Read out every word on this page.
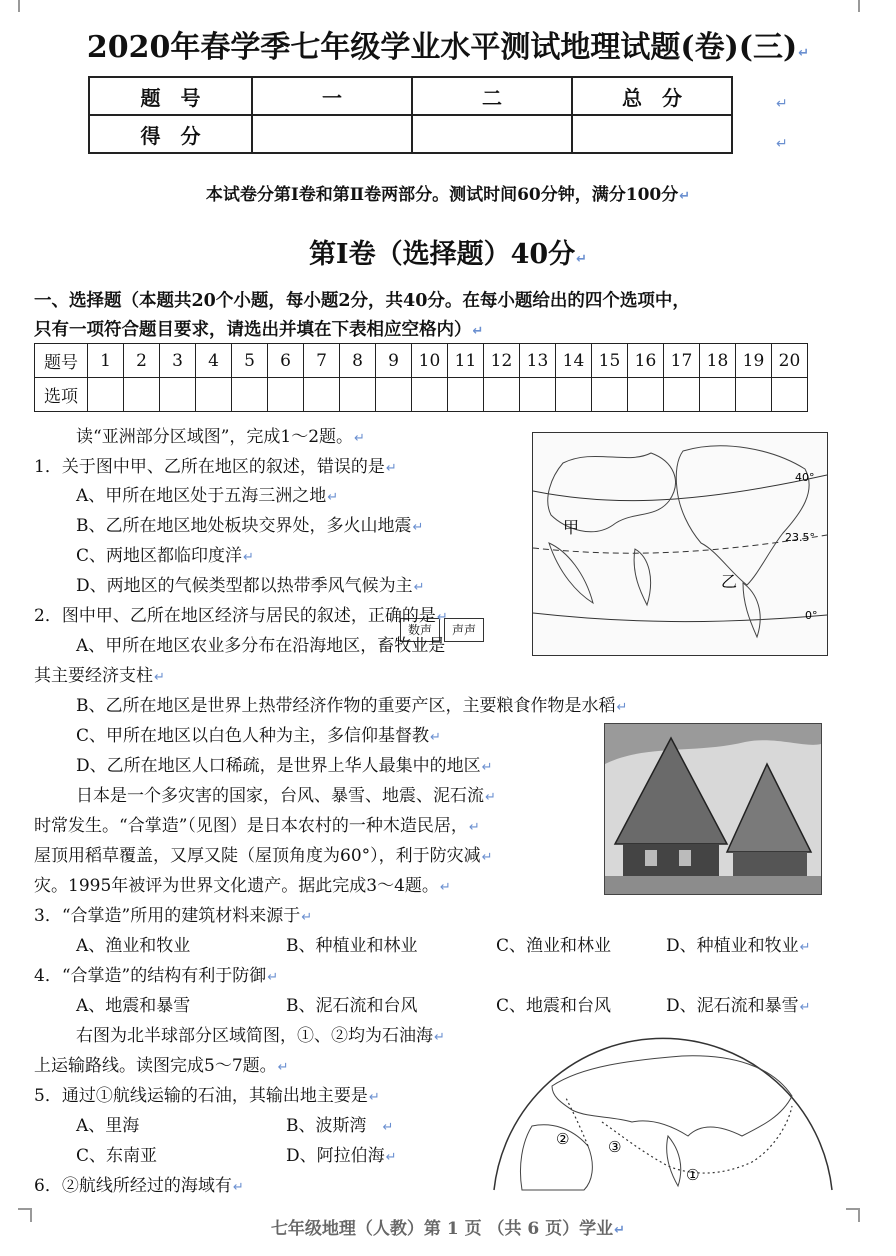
2020年春学季七年级学业水平测试地理试题(卷)(三)↵
题　号	一	二	总　分
得　分			
↵
↵
本试卷分第Ⅰ卷和第Ⅱ卷两部分。测试时间60分钟，满分100分↵
第Ⅰ卷（选择题）40分↵
一、选择题（本题共20个小题，每小题2分，共40分。在每小题给出的四个选项中，
只有一项符合题目要求，请选出并填在下表相应空格内）↵
题号	1	2	3	4	5	6	7	8	9	10	11	12	13	14	15	16	17	18	19	20
选项																				
甲
乙
40°
23.5°
0°
数声	声声
②	③
①
读“亚洲部分区域图”，完成1～2题。↵
1．关于图中甲、乙所在地区的叙述，错误的是↵
A、甲所在地区处于五海三洲之地↵
B、乙所在地区地处板块交界处，多火山地震↵
C、两地区都临印度洋↵
D、两地区的气候类型都以热带季风气候为主↵
2．图中甲、乙所在地区经济与居民的叙述，正确的是↵
A、甲所在地区农业多分布在沿海地区，畜牧业是
其主要经济支柱↵
B、乙所在地区是世界上热带经济作物的重要产区，主要粮食作物是水稻↵
C、甲所在地区以白色人种为主，多信仰基督教↵
D、乙所在地区人口稀疏，是世界上华人最集中的地区↵
日本是一个多灾害的国家，台风、暴雪、地震、泥石流↵
时常发生。“合掌造”（见图）是日本农村的一种木造民居，↵
屋顶用稻草覆盖，又厚又陡（屋顶角度为60°），利于防灾减↵
灾。1995年被评为世界文化遗产。据此完成3～4题。↵
3．“合掌造”所用的建筑材料来源于↵
A、渔业和牧业	B、种植业和林业	C、渔业和林业	D、种植业和牧业↵
4．“合掌造”的结构有利于防御↵
A、地震和暴雪	B、泥石流和台风	C、地震和台风	D、泥石流和暴雪↵
右图为北半球部分区域简图，①、②均为石油海↵
上运输路线。读图完成5～7题。↵
5．通过①航线运输的石油，其输出地主要是↵
A、里海	B、波斯湾 ↵
C、东南亚	D、阿拉伯海↵
6．②航线所经过的海域有↵
七年级地理（人教）第 1 页 （共 6 页）学业↵
